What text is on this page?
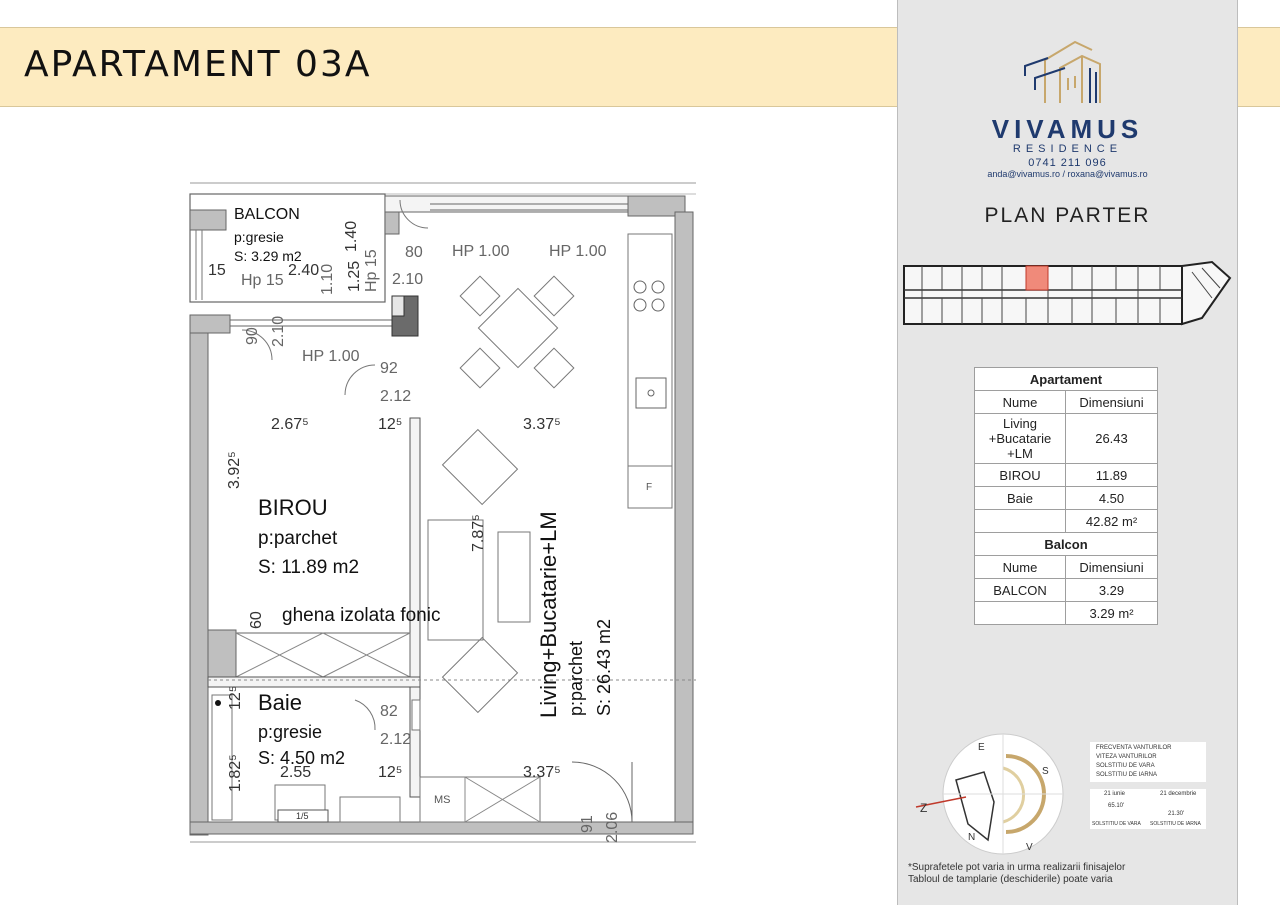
APARTAMENT 03A
BALCON
p:gresie
S: 3.29 m2
BIROU
p:parchet
S: 11.89 m2
ghena izolata fonic
Baie
p:gresie
S: 4.50 m2
Living+Bucatarie+LM p:parchet S: 26.43 m2
MS
F
1/5
15	2.40
Hp 15 1.10 1.25
1.40
Hp 15 80
2.10
HP 1.00 HP 1.00
HP 1.00
90 2.10
92
2.12
2.67⁵	12⁵	3.37⁵
3.92⁵
7.87⁵
60
12⁵
82
2.12
1.82⁵ 2.55	12⁵	3.37⁵
91 2.06
VIVAMUS
RESIDENCE
0741 211 096
anda@vivamus.ro / roxana@vivamus.ro
PLAN PARTER
Apartament	
Nume	Dimensiuni
Living +Bucatarie +LM	26.43
BIROU	11.89
Baie	4.50
	42.82 m²
Balcon	
Nume	Dimensiuni
BALCON	3.29
	3.29 m²
E
S
V
N
Z
FRECVENTA VANTURILOR
VITEZA VANTURILOR
SOLSTITIU DE VARA
SOLSTITIU DE IARNA
21 iunie	21 decembrie
65.10'
21.30'
SOLSTITIU DE VARA SOLSTITIU DE IARNA
*Suprafetele pot varia in urma realizarii finisajelor
Tabloul de tamplarie (deschiderile) poate varia
